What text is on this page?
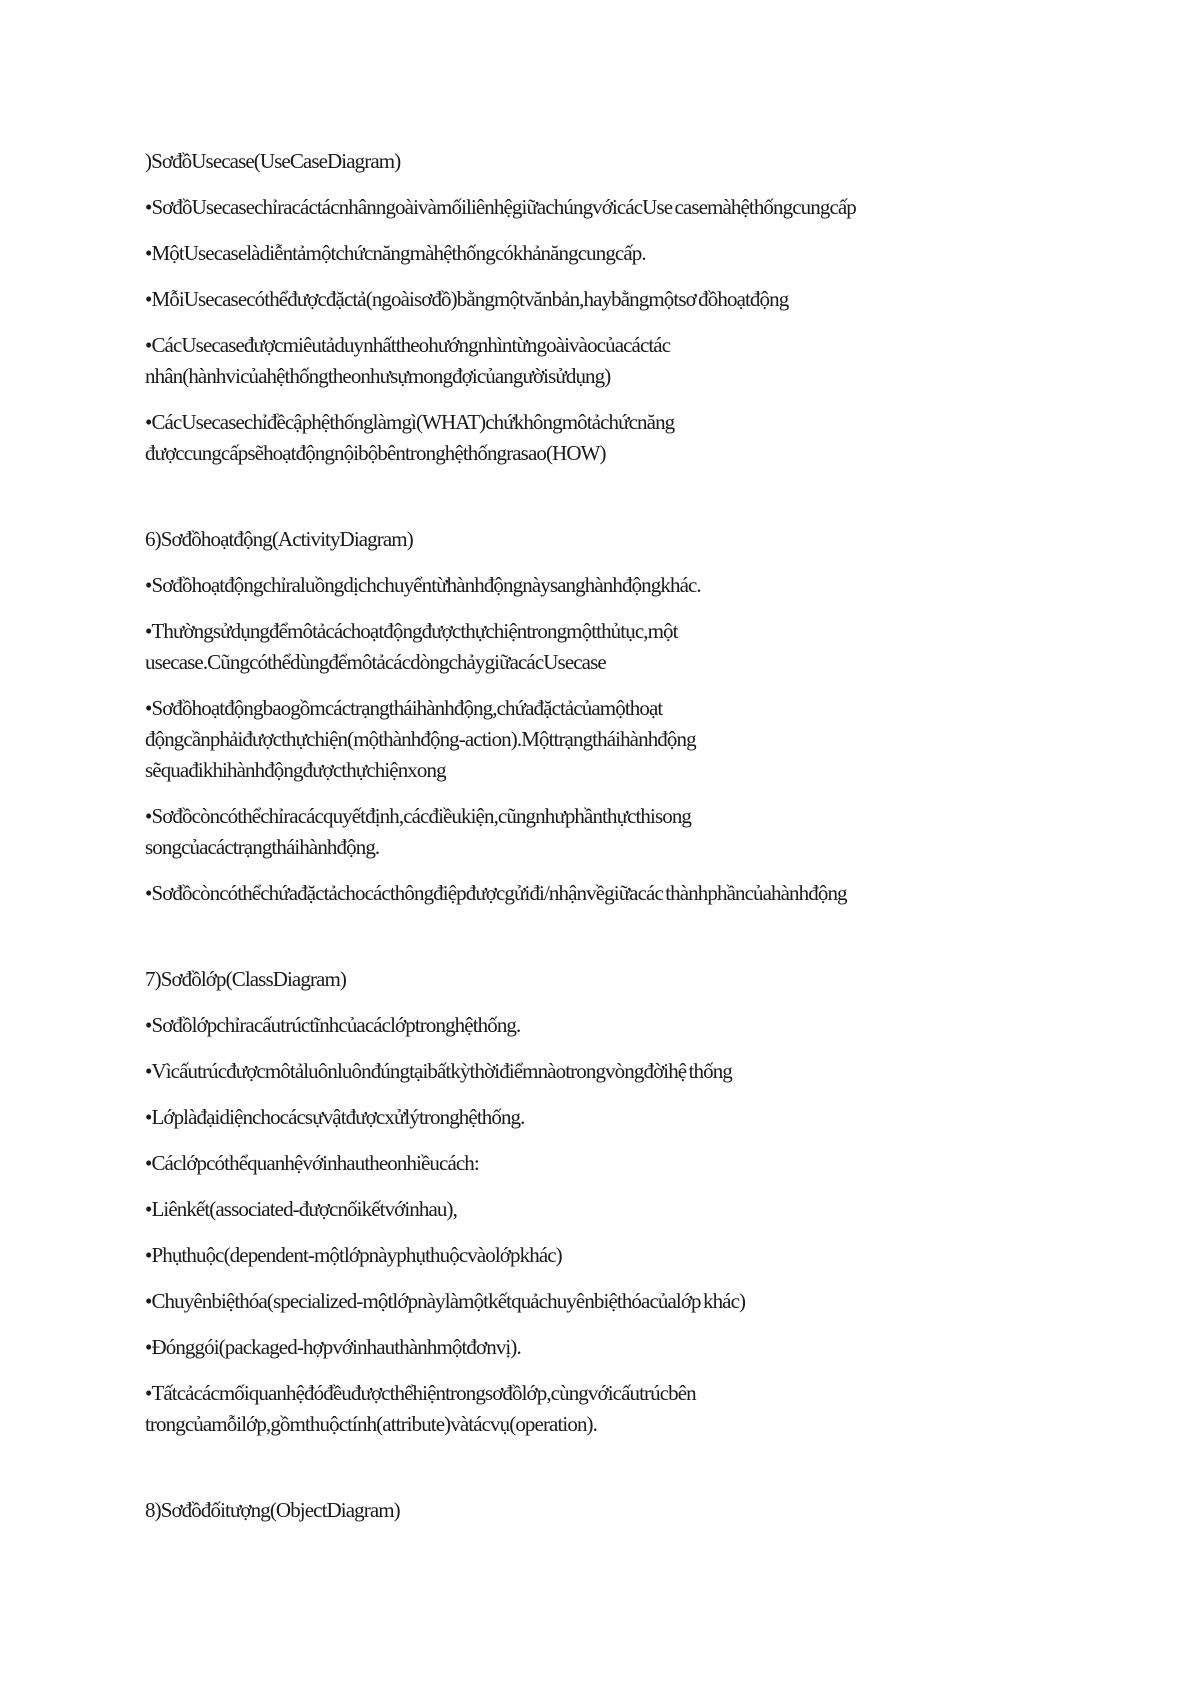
)SơđồUsecase(UseCaseDiagram)
•SơđồUsecasechỉracáctácnhânngoàivàmốiliênhệgiữachúngvớicácUse casemàhệthốngcungcấp
•MộtUsecaselàdiễntảmộtchứcnăngmàhệthốngcókhảnăngcungcấp.
•MỗiUsecasecóthểđượcđặctả(ngoàisơđồ)bằngmộtvănbản,haybằngmộtsơ đồhoạtđộng
•CácUsecaseđượcmiêutảduynhấttheohướngnhìntừngoàivàocủacáctác
nhân(hànhvicủahệthốngtheonhưsựmongđợicủangườisửdụng)
•CácUsecasechỉđềcậphệthốnglàmgì(WHAT)chứkhôngmôtảchứcnăng
đượccungcấpsẽhoạtđộngnộibộbêntronghệthốngrasao(HOW)
6)Sơđồhoạtđộng(ActivityDiagram)
•Sơđồhoạtđộngchỉraluồngdịchchuyểntừhànhđộngnàysanghànhđộngkhác.
•Thườngsửdụngđểmôtảcáchoạtđộngđượcthựchiệntrongmộtthủtục,một
usecase.CũngcóthểdùngđểmôtảcácdòngchảygiữacácUsecase
•Sơđồhoạtđộngbaogồmcáctrạngtháihànhđộng,chứađặctảcủamộthoạt
độngcầnphảiđượcthựchiện(mộthànhđộng-action).Mộttrạngtháihànhđộng
sẽquađikhihànhđộngđượcthựchiệnxong
•Sơđồcòncóthểchỉracácquyếtđịnh,cácđiềukiện,cũngnhưphầnthựcthisong
songcủacáctrạngtháihànhđộng.
•Sơđồcòncóthểchứađặctảchocácthôngđiệpđượcgửiđi/nhậnvềgiữacác thànhphầncủahànhđộng
7)Sơđồlớp(ClassDiagram)
•Sơđồlớpchỉracấutrúctĩnhcủacáclớptronghệthống.
•Vìcấutrúcđượcmôtảluônluônđúngtạibấtkỳthờiđiểmnàotrongvòngđờihệ thống
•Lớplàđạidiệnchocácsựvậtđượcxửlýtronghệthống.
•Cáclớpcóthểquanhệvớinhautheonhiềucách:
•Liênkết(associated-đượcnốikếtvớinhau),
•Phụthuộc(dependent-mộtlớpnàyphụthuộcvàolớpkhác)
•Chuyênbiệthóa(specialized-mộtlớpnàylàmộtkếtquảchuyênbiệthóacủalớp khác)
•Đónggói(packaged-hợpvớinhauthànhmộtđơnvị).
•Tấtcảcácmốiquanhệđóđềuđượcthểhiệntrongsơđồlớp,cùngvớicấutrúcbên
trongcủamỗilớp,gồmthuộctính(attribute)vàtácvụ(operation).
8)Sơđồđốitượng(ObjectDiagram)
